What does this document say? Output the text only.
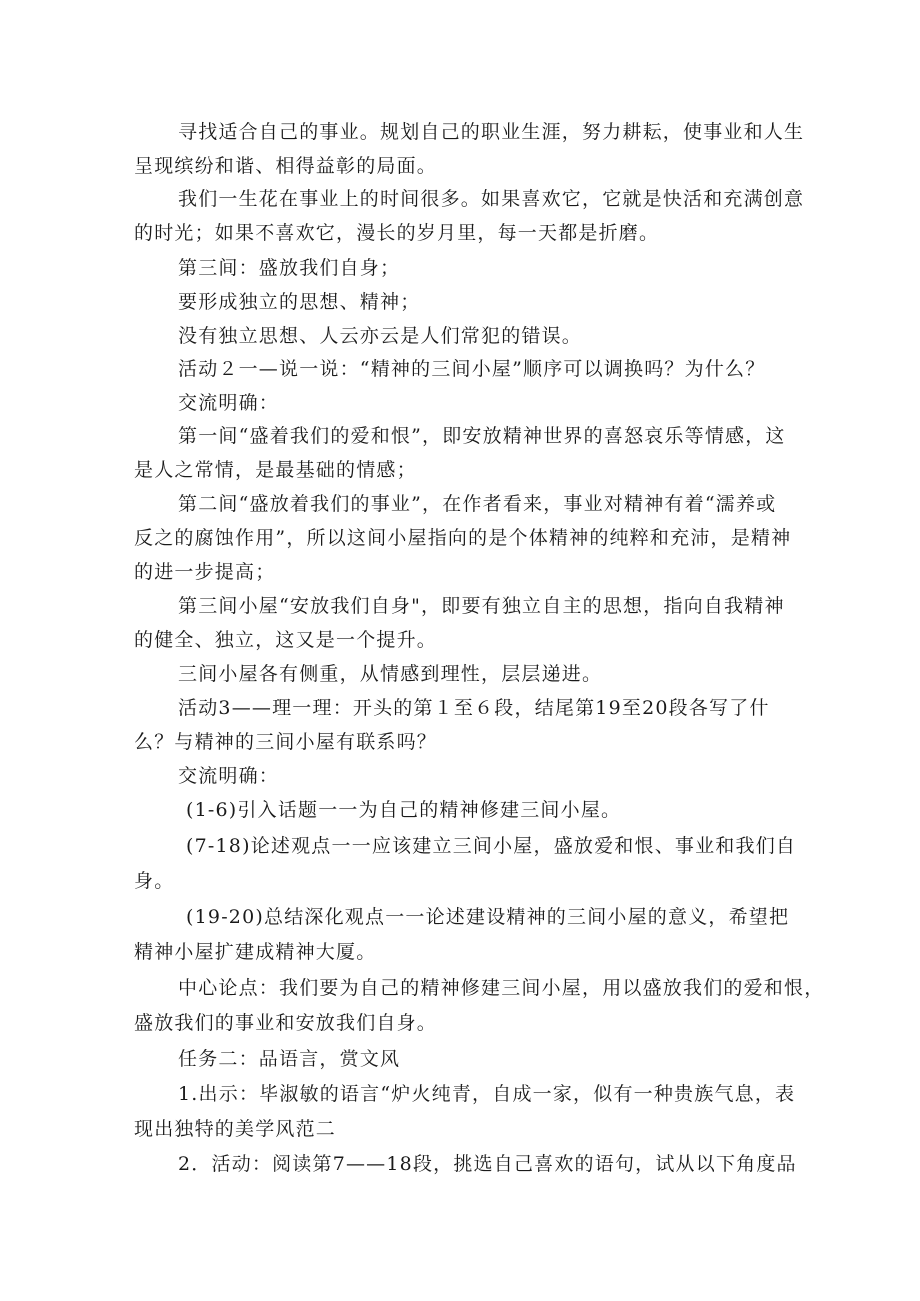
寻找适合自己的事业。规划自己的职业生涯，努力耕耘，使事业和人生
呈现缤纷和谐、相得益彰的局面。
我们一生花在事业上的时间很多。如果喜欢它，它就是快活和充满创意
的时光；如果不喜欢它，漫长的岁月里，每一天都是折磨。
第三间：盛放我们自身；
要形成独立的思想、精神；
没有独立思想、人云亦云是人们常犯的错误。
活动２一—说一说：“精神的三间小屋”顺序可以调换吗？为什么？
交流明确：
第一间“盛着我们的爱和恨”，即安放精神世界的喜怒哀乐等情感，这
是人之常情，是最基础的情感；
第二间“盛放着我们的事业”，在作者看来，事业对精神有着“濡养或
反之的腐蚀作用”，所以这间小屋指向的是个体精神的纯粹和充沛，是精神
的进一步提高；
第三间小屋“安放我们自身"，即要有独立自主的思想，指向自我精神
的健全、独立，这又是一个提升。
三间小屋各有侧重，从情感到理性，层层递进。
活动3——理一理：开头的第１至６段，结尾第19至20段各写了什
么？与精神的三间小屋有联系吗？
交流明确：
(1-6)引入话题一一为自己的精神修建三间小屋。
(7-18)论述观点一一应该建立三间小屋，盛放爱和恨、事业和我们自
身。
(19-20)总结深化观点一一论述建设精神的三间小屋的意义，希望把
精神小屋扩建成精神大厦。
中心论点：我们要为自己的精神修建三间小屋，用以盛放我们的爱和恨，
盛放我们的事业和安放我们自身。
任务二：品语言，赏文风
1.出示：毕淑敏的语言“炉火纯青，自成一家，似有一种贵族气息，表
现出独特的美学风范二
2．活动：阅读第7——18段，挑选自己喜欢的语句，试从以下角度品
